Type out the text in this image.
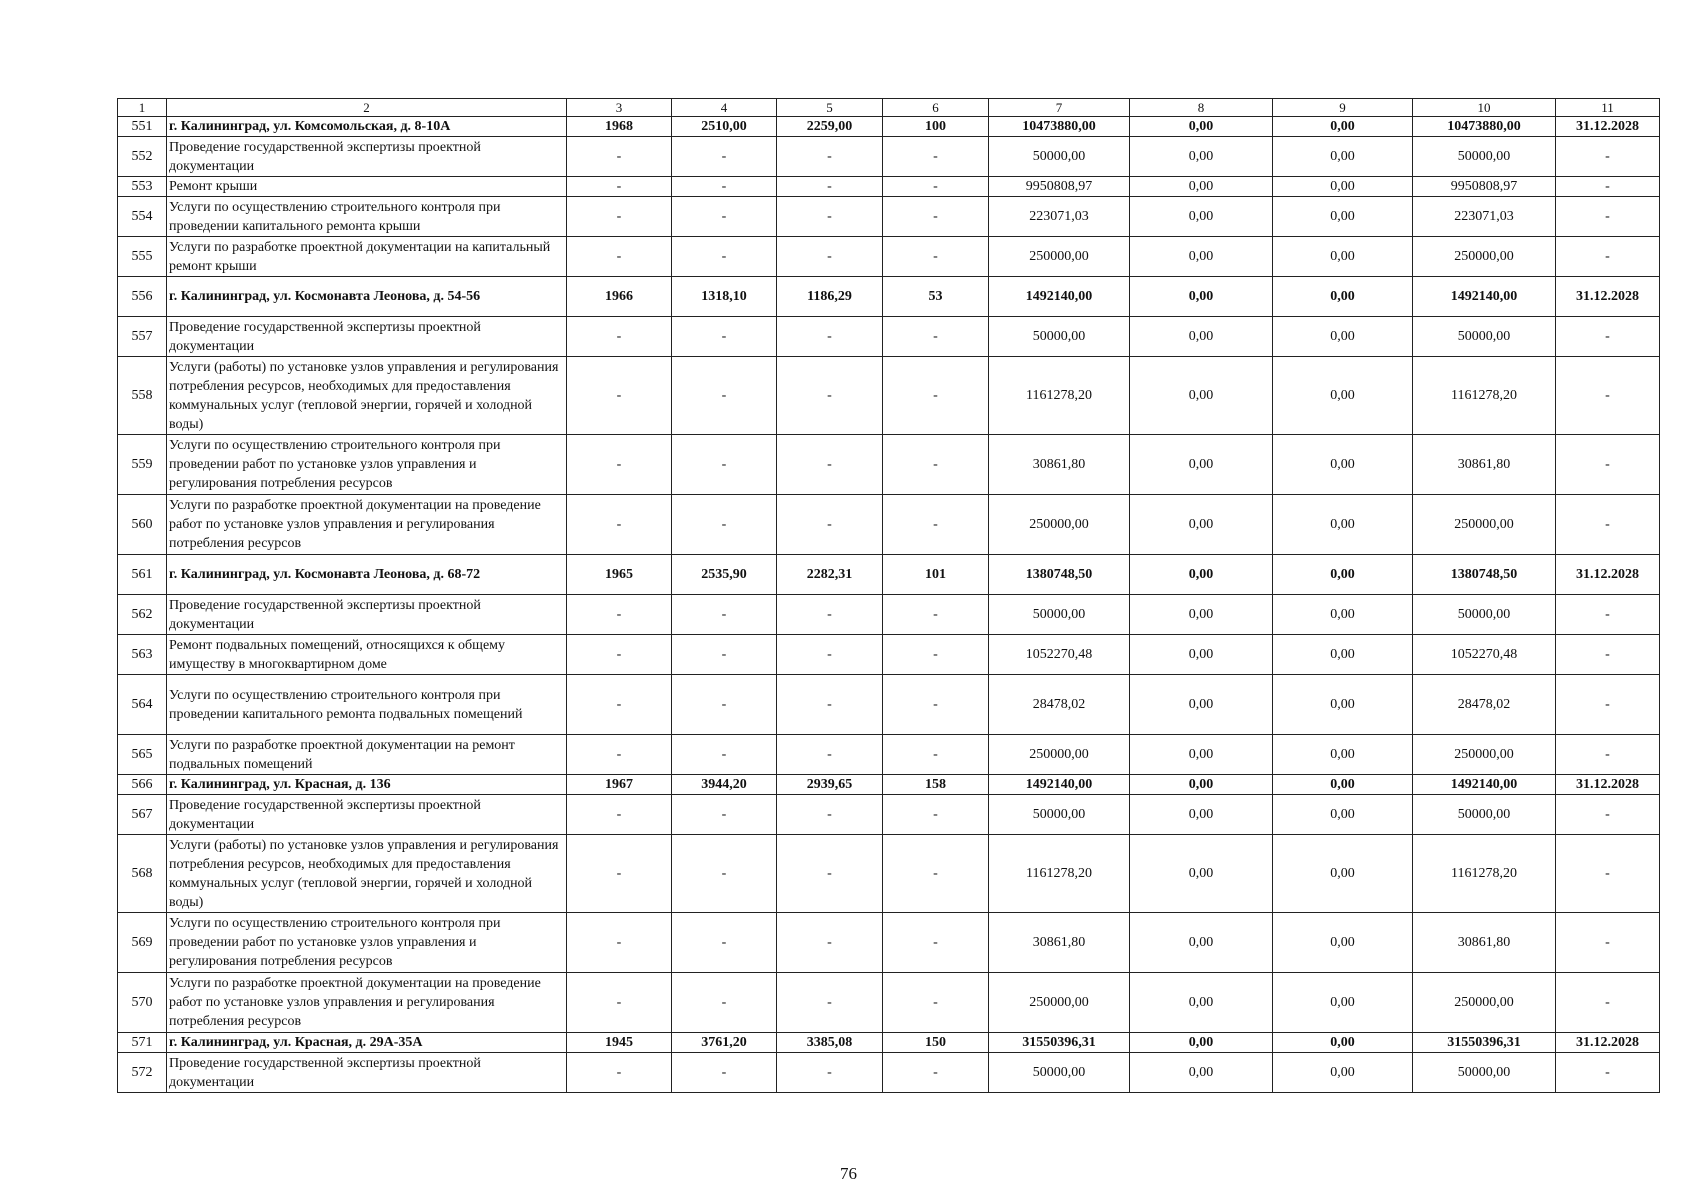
1	2	3	4	5	6	7	8	9	10	11
551	г. Калининград, ул. Комсомольская, д. 8-10А	1968	2510,00	2259,00	100	10473880,00	0,00	0,00	10473880,00	31.12.2028
552	Проведение государственной экспертизы проектной документации	-	-	-	-	50000,00	0,00	0,00	50000,00	-
553	Ремонт крыши	-	-	-	-	9950808,97	0,00	0,00	9950808,97	-
554	Услуги по осуществлению строительного контроля при проведении капитального ремонта крыши	-	-	-	-	223071,03	0,00	0,00	223071,03	-
555	Услуги по разработке проектной документации на капитальный ремонт крыши	-	-	-	-	250000,00	0,00	0,00	250000,00	-
556	г. Калининград, ул. Космонавта Леонова, д. 54-56	1966	1318,10	1186,29	53	1492140,00	0,00	0,00	1492140,00	31.12.2028
557	Проведение государственной экспертизы проектной документации	-	-	-	-	50000,00	0,00	0,00	50000,00	-
558	Услуги (работы) по установке узлов управления и регулирования потребления ресурсов, необходимых для предоставления коммунальных услуг (тепловой энергии, горячей и холодной воды)	-	-	-	-	1161278,20	0,00	0,00	1161278,20	-
559	Услуги по осуществлению строительного контроля при проведении работ по установке узлов управления и регулирования потребления ресурсов	-	-	-	-	30861,80	0,00	0,00	30861,80	-
560	Услуги по разработке проектной документации на проведение работ по установке узлов управления и регулирования потребления ресурсов	-	-	-	-	250000,00	0,00	0,00	250000,00	-
561	г. Калининград, ул. Космонавта Леонова, д. 68-72	1965	2535,90	2282,31	101	1380748,50	0,00	0,00	1380748,50	31.12.2028
562	Проведение государственной экспертизы проектной документации	-	-	-	-	50000,00	0,00	0,00	50000,00	-
563	Ремонт подвальных помещений, относящихся к общему имуществу в многоквартирном доме	-	-	-	-	1052270,48	0,00	0,00	1052270,48	-
564	Услуги по осуществлению строительного контроля при проведении капитального ремонта подвальных помещений	-	-	-	-	28478,02	0,00	0,00	28478,02	-
565	Услуги по разработке проектной документации на ремонт подвальных помещений	-	-	-	-	250000,00	0,00	0,00	250000,00	-
566	г. Калининград, ул. Красная, д. 136	1967	3944,20	2939,65	158	1492140,00	0,00	0,00	1492140,00	31.12.2028
567	Проведение государственной экспертизы проектной документации	-	-	-	-	50000,00	0,00	0,00	50000,00	-
568	Услуги (работы) по установке узлов управления и регулирования потребления ресурсов, необходимых для предоставления коммунальных услуг (тепловой энергии, горячей и холодной воды)	-	-	-	-	1161278,20	0,00	0,00	1161278,20	-
569	Услуги по осуществлению строительного контроля при проведении работ по установке узлов управления и регулирования потребления ресурсов	-	-	-	-	30861,80	0,00	0,00	30861,80	-
570	Услуги по разработке проектной документации на проведение работ по установке узлов управления и регулирования потребления ресурсов	-	-	-	-	250000,00	0,00	0,00	250000,00	-
571	г. Калининград, ул. Красная, д. 29А-35А	1945	3761,20	3385,08	150	31550396,31	0,00	0,00	31550396,31	31.12.2028
572	Проведение государственной экспертизы проектной документации	-	-	-	-	50000,00	0,00	0,00	50000,00	-
76
